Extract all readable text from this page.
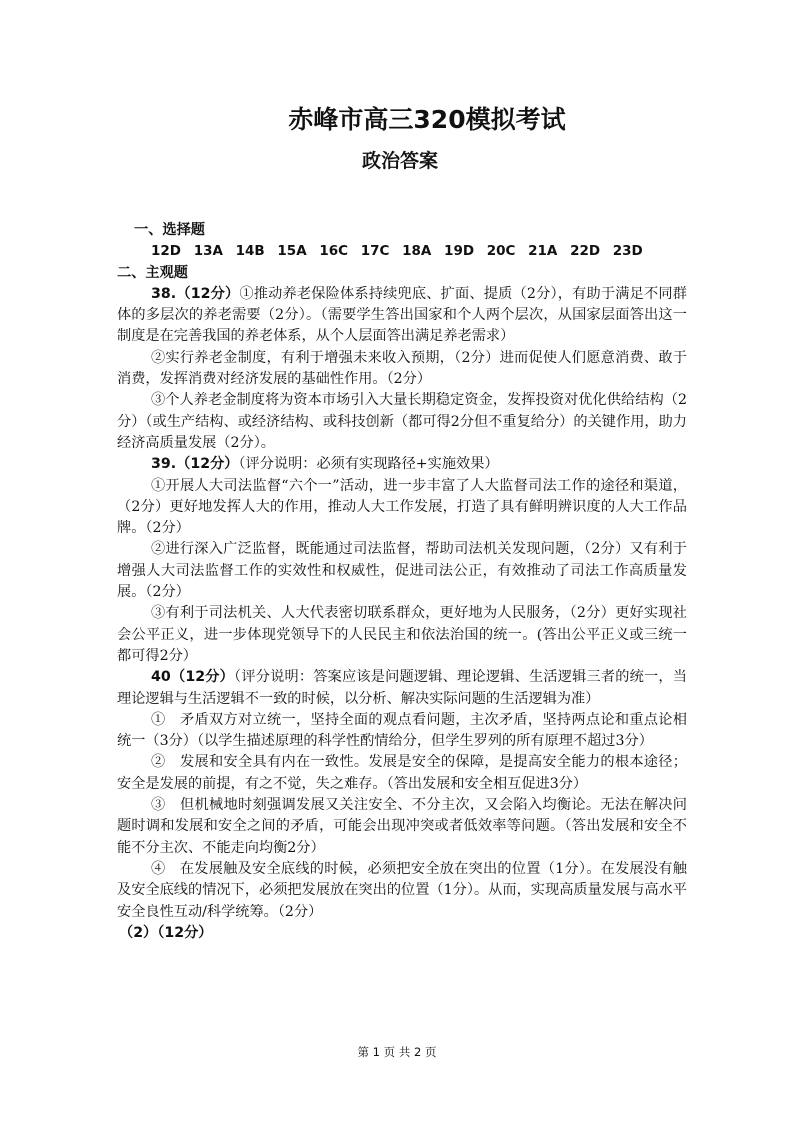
赤峰市高三320模拟考试
政治答案

一、选择题

12D 13A 14B 15A 16C 17C 18A 19D 20C 21A 22D 23D

二、主观题

38.（12分）①推动养老保险体系持续兜底、扩面、提质（2分），有助于满足不同群体的多层次的养老需要（2分）。（需要学生答出国家和个人两个层次，从国家层面答出这一制度是在完善我国的养老体系，从个人层面答出满足养老需求）

②实行养老金制度，有利于增强未来收入预期，（2分）进而促使人们愿意消费、敢于消费，发挥消费对经济发展的基础性作用。（2分）

③个人养老金制度将为资本市场引入大量长期稳定资金，发挥投资对优化供给结构（2分）（或生产结构、或经济结构、或科技创新（都可得2分但不重复给分）的关键作用，助力经济高质量发展（2分）。

39.（12分）（评分说明：必须有实现路径+实施效果）

①开展人大司法监督“六个一”活动，进一步丰富了人大监督司法工作的途径和渠道，（2分）更好地发挥人大的作用，推动人大工作发展，打造了具有鲜明辨识度的人大工作品牌。（2分）

②进行深入广泛监督，既能通过司法监督，帮助司法机关发现问题，（2分）又有利于增强人大司法监督工作的实效性和权威性，促进司法公正，有效推动了司法工作高质量发展。（2分）

③有利于司法机关、人大代表密切联系群众，更好地为人民服务，（2分）更好实现社会公平正义，进一步体现党领导下的人民民主和依法治国的统一。(答出公平正义或三统一都可得2分）

40（12分）（评分说明：答案应该是问题逻辑、理论逻辑、生活逻辑三者的统一，当理论逻辑与生活逻辑不一致的时候，以分析、解决实际问题的生活逻辑为准）

①　矛盾双方对立统一，坚持全面的观点看问题，主次矛盾，坚持两点论和重点论相统一（3分）（以学生描述原理的科学性酌情给分，但学生罗列的所有原理不超过3分）

②　发展和安全具有内在一致性。发展是安全的保障，是提高安全能力的根本途径；安全是发展的前提，有之不觉，失之难存。（答出发展和安全相互促进3分）

③　但机械地时刻强调发展又关注安全、不分主次，又会陷入均衡论。无法在解决问题时调和发展和安全之间的矛盾，可能会出现冲突或者低效率等问题。（答出发展和安全不能不分主次、不能走向均衡2分）

④　在发展触及安全底线的时候，必须把安全放在突出的位置（1分）。在发展没有触及安全底线的情况下，必须把发展放在突出的位置（1分）。从而，实现高质量发展与高水平安全良性互动/科学统筹。（2分）

（2）（12分）

第 1 页 共 2 页
